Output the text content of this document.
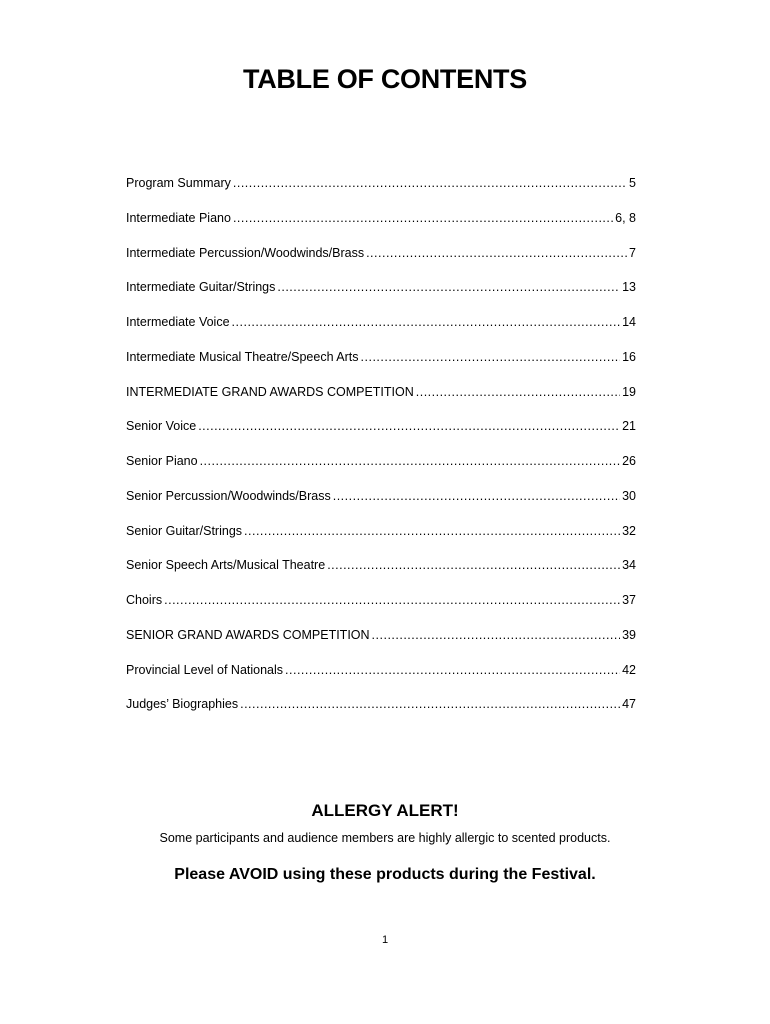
TABLE OF CONTENTS
Program Summary .....	5
Intermediate Piano .....	6, 8
Intermediate Percussion/Woodwinds/Brass .....	7
Intermediate Guitar/Strings .....	13
Intermediate Voice .....	14
Intermediate Musical Theatre/Speech Arts .....	16
INTERMEDIATE GRAND AWARDS COMPETITION .....	19
Senior Voice .....	21
Senior Piano .....	26
Senior Percussion/Woodwinds/Brass .....	30
Senior Guitar/Strings .....	32
Senior Speech Arts/Musical Theatre .....	34
Choirs .....	37
SENIOR GRAND AWARDS COMPETITION .....	39
Provincial Level of Nationals .....	42
Judges’ Biographies .....	47
ALLERGY ALERT!
Some participants and audience members are highly allergic to scented products.
Please AVOID using these products during the Festival.
1
